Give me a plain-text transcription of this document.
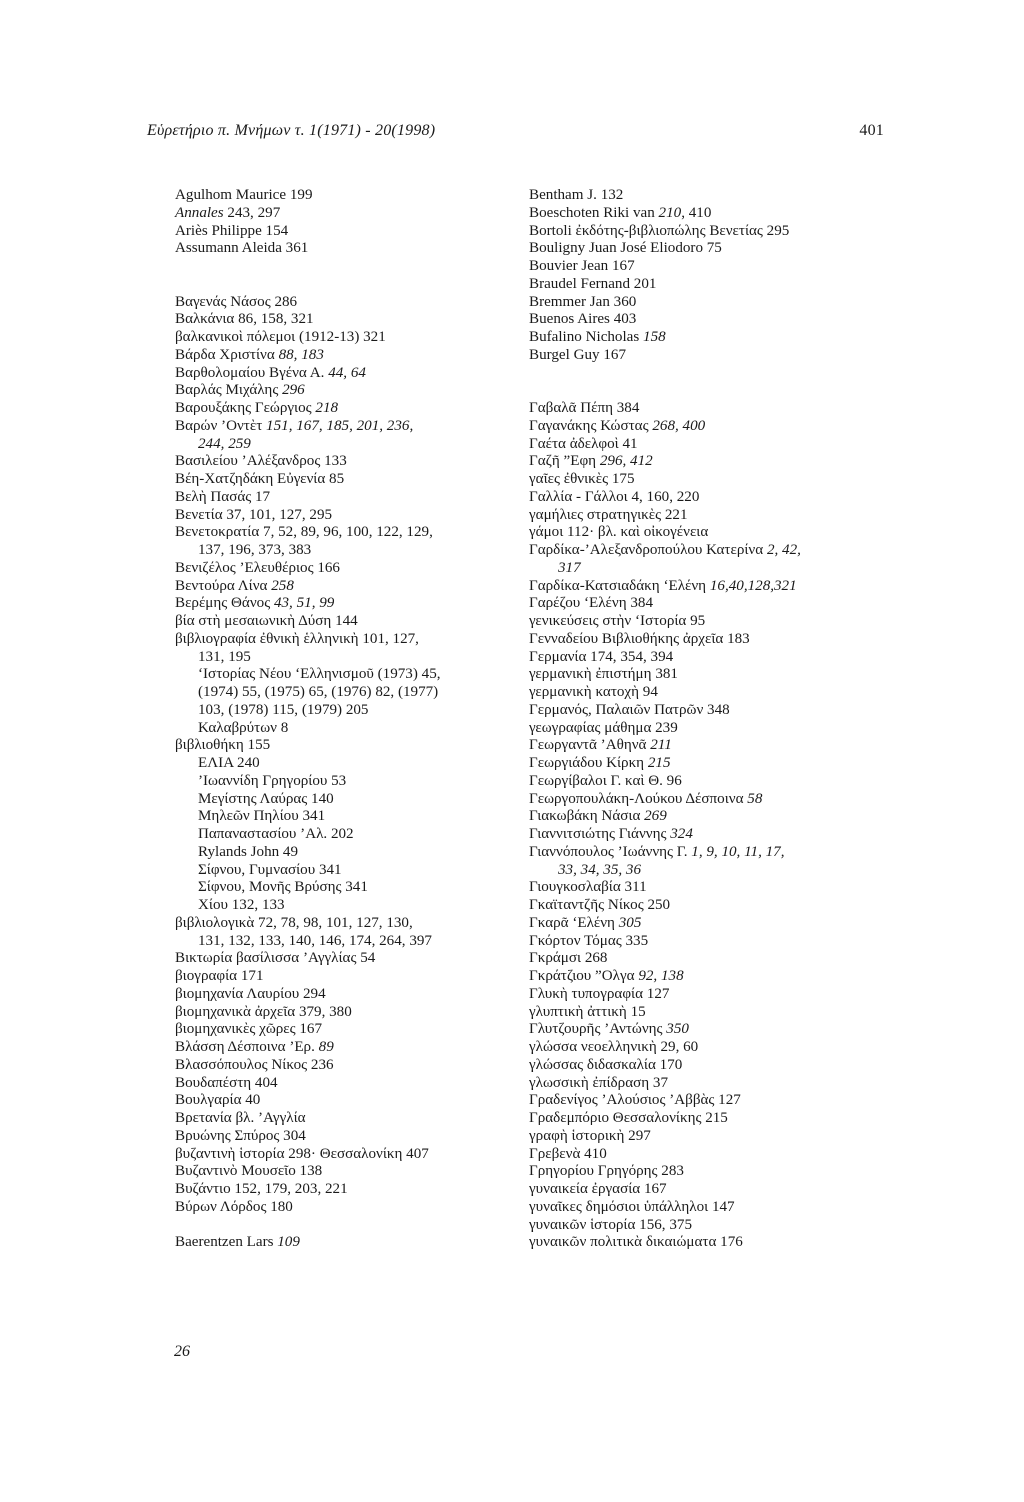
Εὑρετήριο π. Μνήμων τ. 1(1971) - 20(1998)	401
Agulhom Maurice 199
Annales 243, 297
Ariès Philippe 154
Assumann Aleida 361
Βαγενάς Νάσος 286
Βαλκάνια 86, 158, 321
βαλκανικοὶ πόλεμοι (1912-13) 321
Βάρδα Χριστίνα 88, 183
Βαρθολομαίου Βγένα Α. 44, 64
Βαρλάς Μιχάλης 296
Βαρουξάκης Γεώργιος 218
Βαρών ’Οντὲτ 151, 167, 185, 201, 236,
244, 259
Βασιλείου ’Αλέξανδρος 133
Βέη-Χατζηδάκη Εὐγενία 85
Βελὴ Πασάς 17
Βενετία 37, 101, 127, 295
Βενετοκρατία 7, 52, 89, 96, 100, 122, 129,
137, 196, 373, 383
Βενιζέλος ’Ελευθέριος 166
Βεντούρα Λίνα 258
Βερέμης Θάνος 43, 51, 99
βία στὴ μεσαιωνικὴ Δύση 144
βιβλιογραφία ἐθνικὴ ἑλληνικὴ 101, 127,
131, 195
‘Ιστορίας Νέου ‘Ελληνισμοῦ (1973) 45,
(1974) 55, (1975) 65, (1976) 82, (1977)
103, (1978) 115, (1979) 205
Καλαβρύτων 8
βιβλιοθήκη 155
ΕΛΙΑ 240
’Ιωαννίδη Γρηγορίου 53
Μεγίστης Λαύρας 140
Μηλεῶν Πηλίου 341
Παπαναστασίου ’Αλ. 202
Rylands John 49
Σίφνου, Γυμνασίου 341
Σίφνου, Μονῆς Βρύσης 341
Χίου 132, 133
βιβλιολογικὰ 72, 78, 98, 101, 127, 130,
131, 132, 133, 140, 146, 174, 264, 397
Βικτωρία βασίλισσα ’Αγγλίας 54
βιογραφία 171
βιομηχανία Λαυρίου 294
βιομηχανικὰ ἀρχεῖα 379, 380
βιομηχανικὲς χῶρες 167
Βλάσση Δέσποινα ’Ερ. 89
Βλασσόπουλος Νίκος 236
Βουδαπέστη 404
Βουλγαρία 40
Βρετανία βλ. ’Αγγλία
Βρυώνης Σπύρος 304
βυζαντινὴ ἱστορία 298· Θεσσαλονίκη 407
Βυζαντινὸ Μουσεῖο 138
Βυζάντιο 152, 179, 203, 221
Βύρων Λόρδος 180
Baerentzen Lars 109
Bentham J. 132
Boeschoten Riki van 210, 410
Bortoli ἐκδότης-βιβλιοπώλης Βενετίας 295
Bouligny Juan José Eliodoro 75
Bouvier Jean 167
Braudel Fernand 201
Bremmer Jan 360
Buenos Aires 403
Bufalino Nicholas 158
Burgel Guy 167
Γαβαλᾶ Πέπη 384
Γαγανάκης Κώστας 268, 400
Γαέτα ἀδελφοὶ 41
Γαζῆ ”Εφη 296, 412
γαῖες ἐθνικὲς 175
Γαλλία - Γάλλοι 4, 160, 220
γαμήλιες στρατηγικὲς 221
γάμοι 112· βλ. καὶ οἰκογένεια
Γαρδίκα-’Αλεξανδροπούλου Κατερίνα 2, 42,
317
Γαρδίκα-Κατσιαδάκη ‘Ελένη 16,40,128,321
Γαρέζου ‘Ελένη 384
γενικεύσεις στὴν ‘Ιστορία 95
Γενναδείου Βιβλιοθήκης ἀρχεῖα 183
Γερμανία 174, 354, 394
γερμανικὴ ἐπιστήμη 381
γερμανικὴ κατοχὴ 94
Γερμανός, Παλαιῶν Πατρῶν 348
γεωγραφίας μάθημα 239
Γεωργαντᾶ ’Αθηνᾶ 211
Γεωργιάδου Κίρκη 215
Γεωργίβαλοι Γ. καὶ Θ. 96
Γεωργοπουλάκη-Λούκου Δέσποινα 58
Γιακωβάκη Νάσια 269
Γιαννιτσιώτης Γιάννης 324
Γιαννόπουλος ’Ιωάννης Γ. 1, 9, 10, 11, 17,
33, 34, 35, 36
Γιουγκοσλαβία 311
Γκαϊταντζῆς Νίκος 250
Γκαρᾶ ‘Ελένη 305
Γκόρτον Τόμας 335
Γκράμσι 268
Γκράτζιου ”Ολγα 92, 138
Γλυκὴ τυπογραφία 127
γλυπτικὴ ἀττικὴ 15
Γλυτζουρῆς ’Αντώνης 350
γλώσσα νεοελληνικὴ 29, 60
γλώσσας διδασκαλία 170
γλωσσικὴ ἐπίδραση 37
Γραδενίγος ’Αλούσιος ’Αββὰς 127
Γραδεμπόριο Θεσσαλονίκης 215
γραφὴ ἱστορικὴ 297
Γρεβενὰ 410
Γρηγορίου Γρηγόρης 283
γυναικεία ἐργασία 167
γυναῖκες δημόσιοι ὑπάλληλοι 147
γυναικῶν ἱστορία 156, 375
γυναικῶν πολιτικὰ δικαιώματα 176
26
